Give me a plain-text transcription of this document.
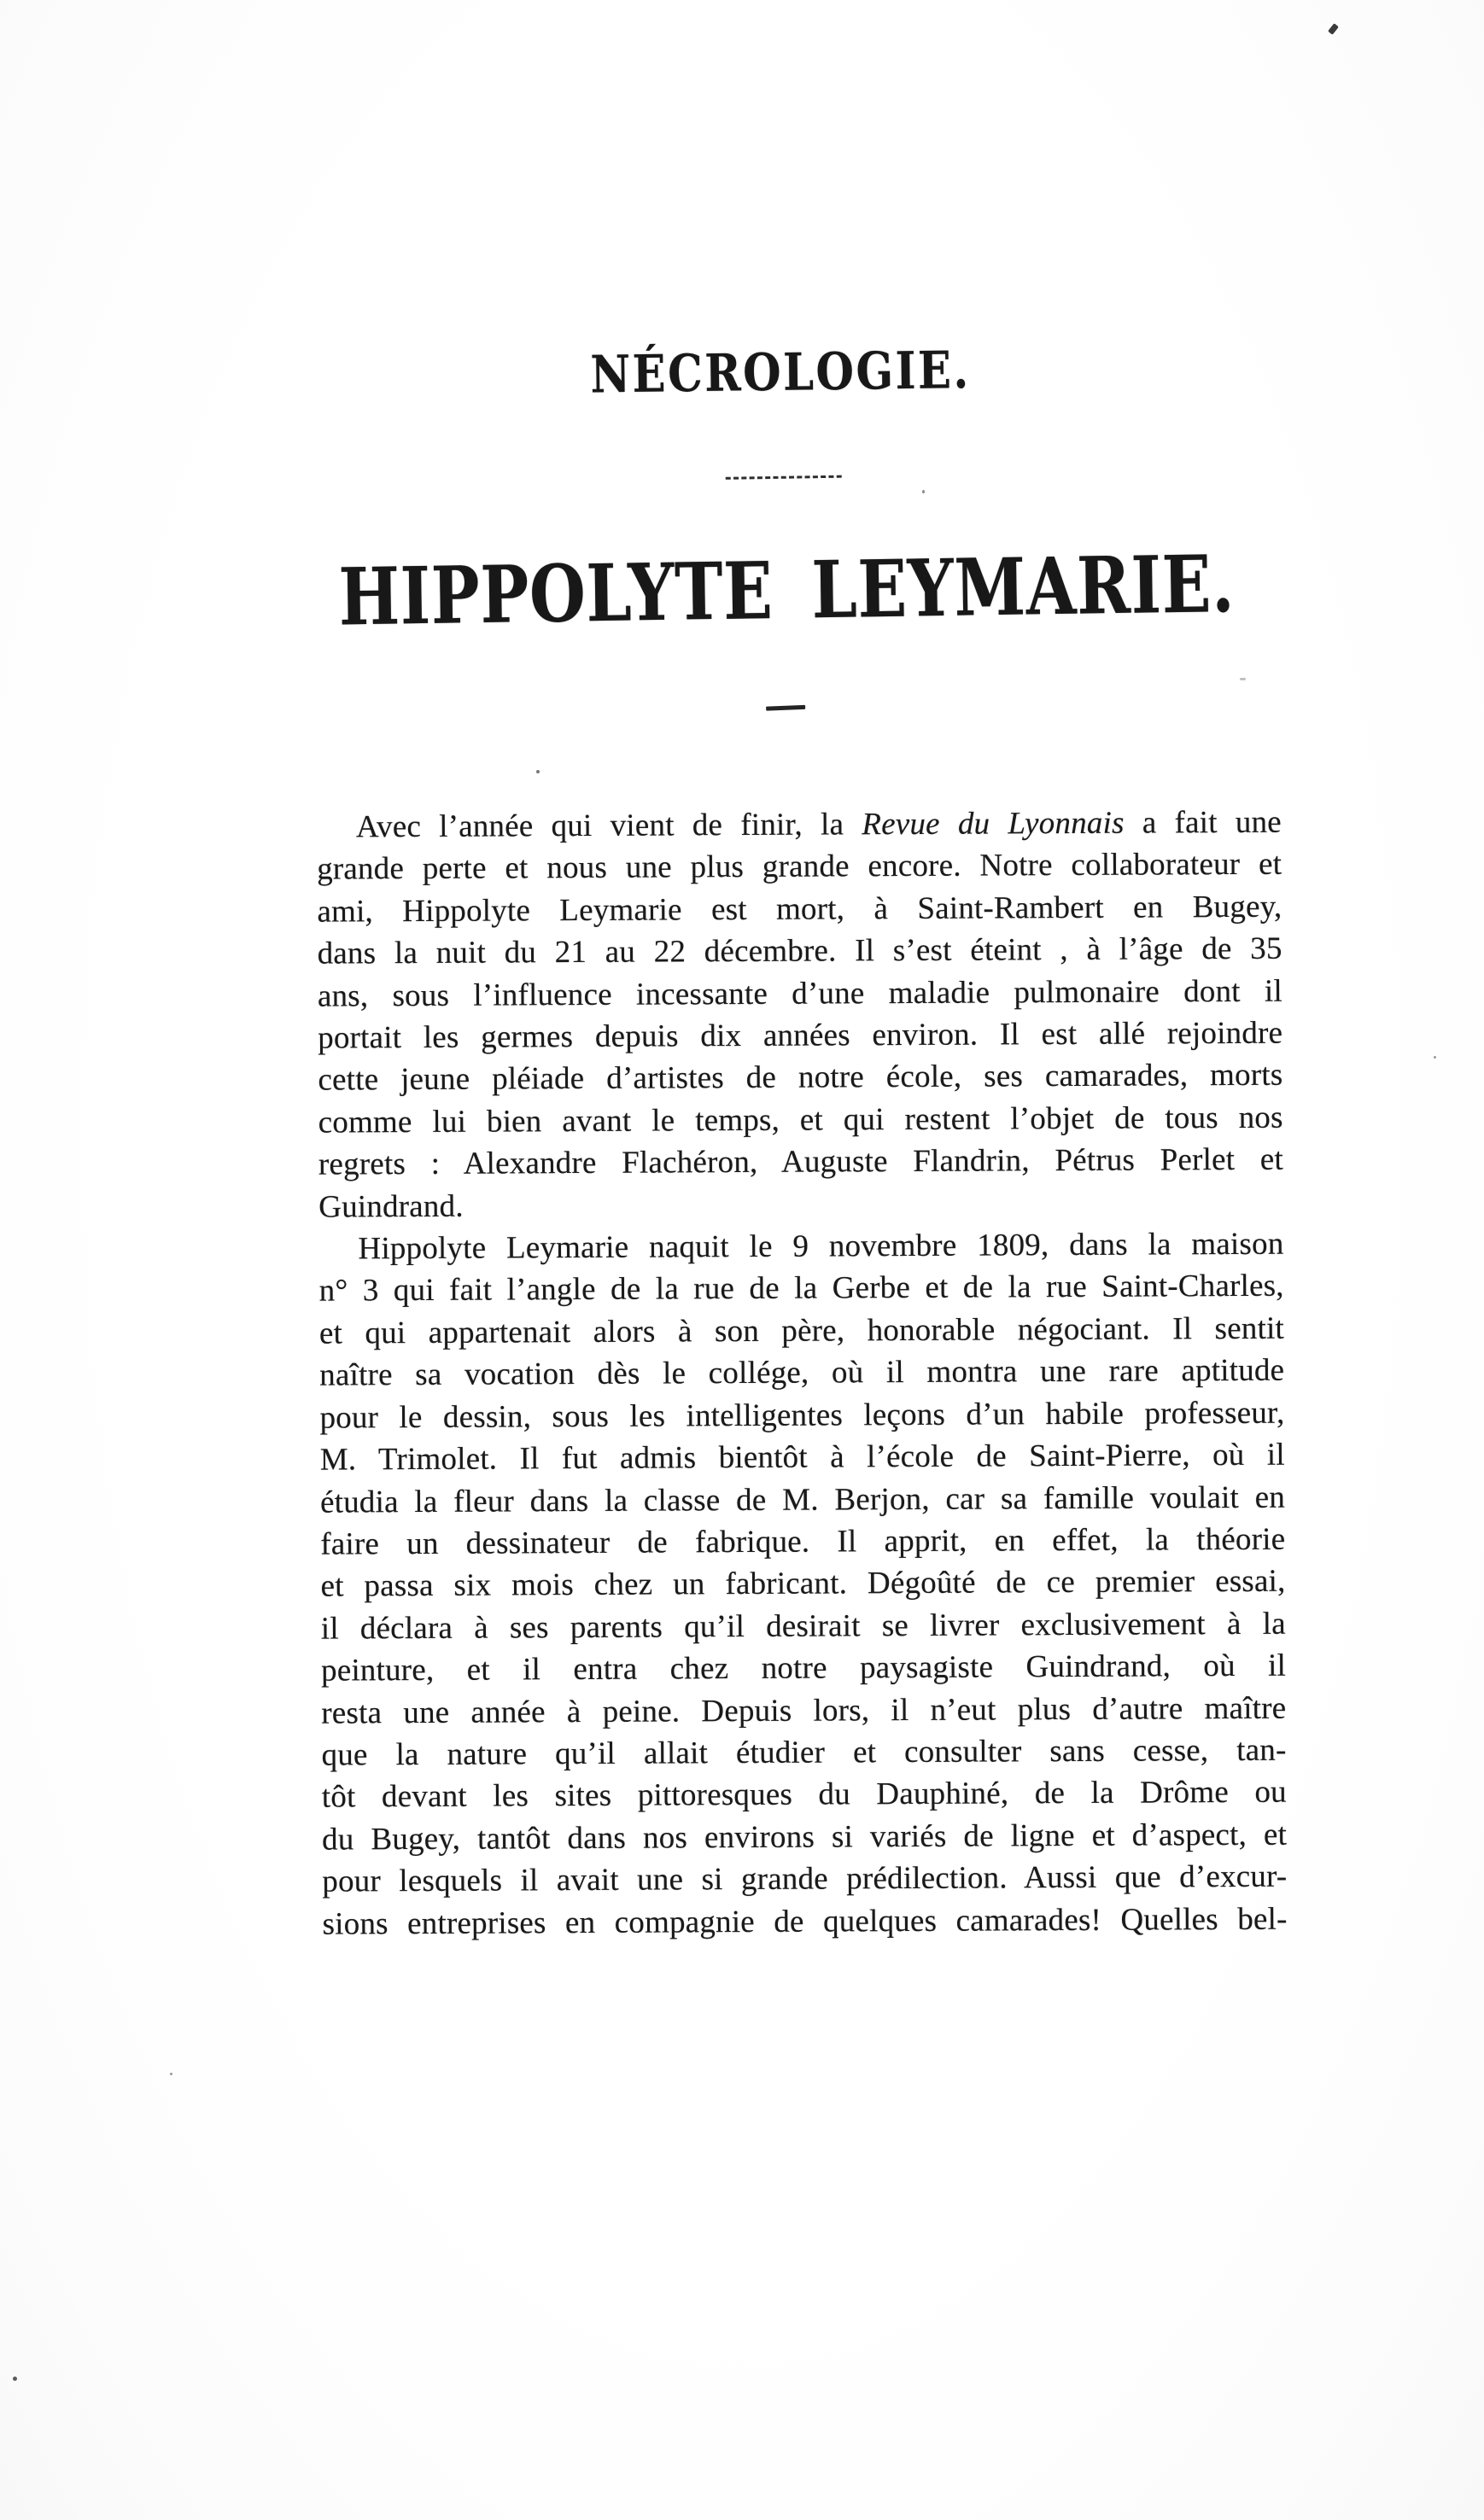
NÉCROLOGIE.
HIPPOLYTE LEYMARIE.
Avec l’année qui vient de finir, la Revue du Lyonnais a fait une
grande perte et nous une plus grande encore. Notre collaborateur et
ami, Hippolyte Leymarie est mort, à Saint-Rambert en Bugey,
dans la nuit du 21 au 22 décembre. Il s’est éteint , à l’âge de 35
ans, sous l’influence incessante d’une maladie pulmonaire dont il
portait les germes depuis dix années environ. Il est allé rejoindre
cette jeune pléiade d’artistes de notre école, ses camarades, morts
comme lui bien avant le temps, et qui restent l’objet de tous nos
regrets : Alexandre Flachéron, Auguste Flandrin, Pétrus Perlet et
Guindrand.
Hippolyte Leymarie naquit le 9 novembre 1809, dans la maison
n° 3 qui fait l’angle de la rue de la Gerbe et de la rue Saint-Charles,
et qui appartenait alors à son père, honorable négociant. Il sentit
naître sa vocation dès le collége, où il montra une rare aptitude
pour le dessin, sous les intelligentes leçons d’un habile professeur,
M. Trimolet. Il fut admis bientôt à l’école de Saint-Pierre, où il
étudia la fleur dans la classe de M. Berjon, car sa famille voulait en
faire un dessinateur de fabrique. Il apprit, en effet, la théorie
et passa six mois chez un fabricant. Dégoûté de ce premier essai,
il déclara à ses parents qu’il desirait se livrer exclusivement à la
peinture, et il entra chez notre paysagiste Guindrand, où il
resta une année à peine. Depuis lors, il n’eut plus d’autre maître
que la nature qu’il allait étudier et consulter sans cesse, tan-
tôt devant les sites pittoresques du Dauphiné, de la Drôme ou
du Bugey, tantôt dans nos environs si variés de ligne et d’aspect, et
pour lesquels il avait une si grande prédilection. Aussi que d’excur-
sions entreprises en compagnie de quelques camarades! Quelles bel-
